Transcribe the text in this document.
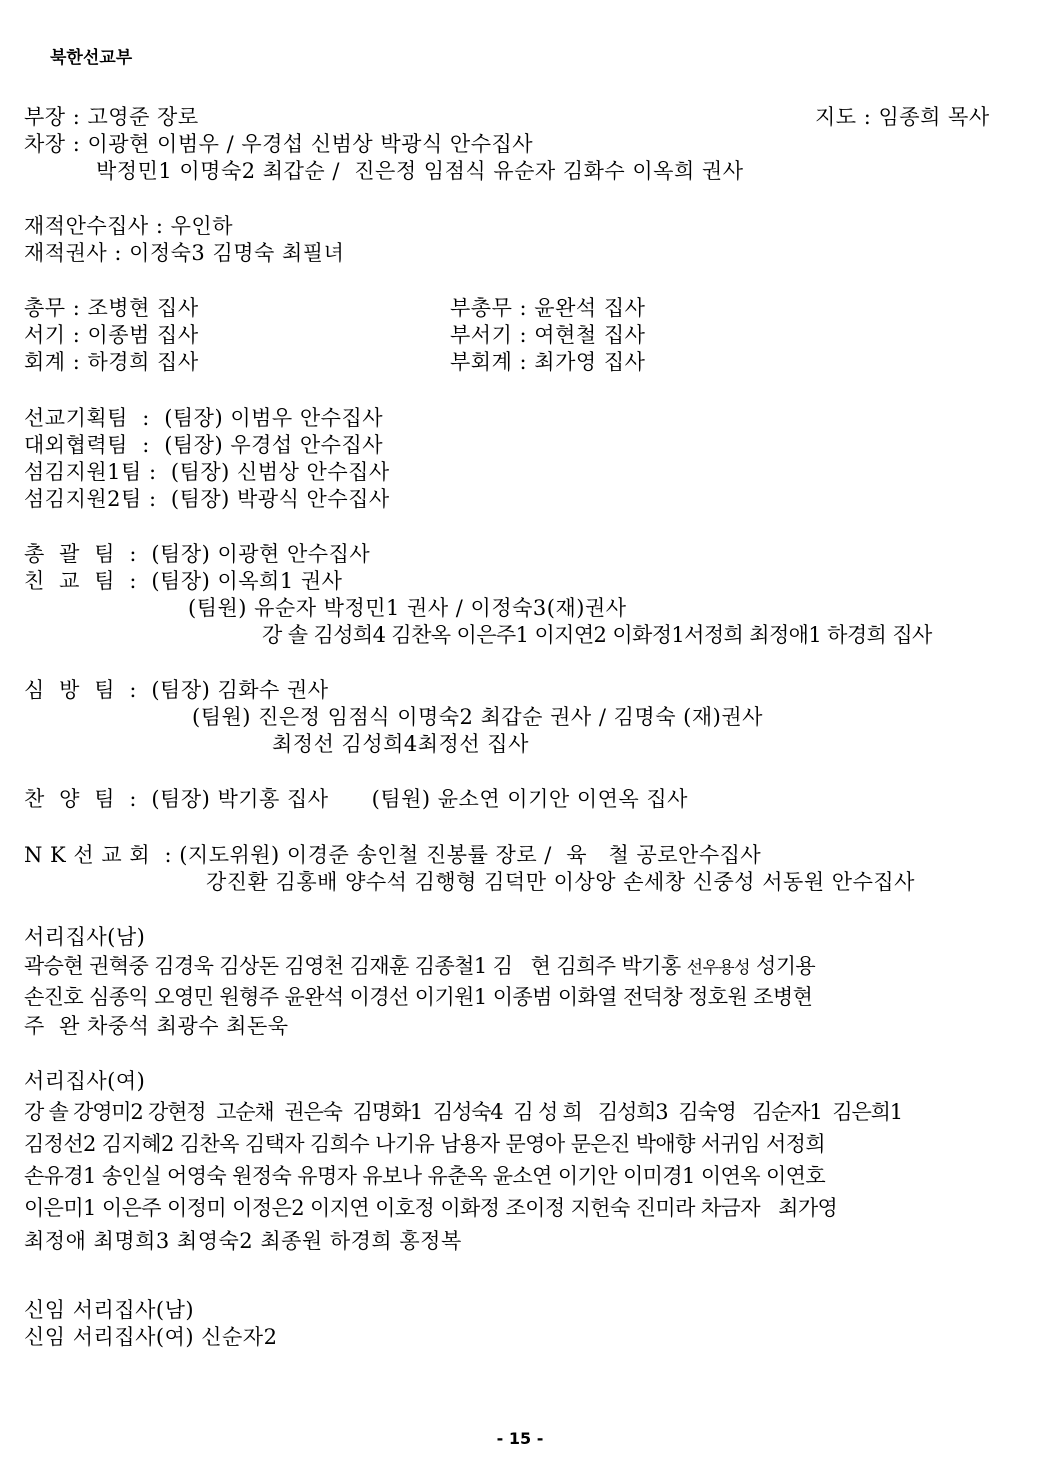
북한선교부
부장 : 고영준 장로	지도 : 임종희 목사
차장 : 이광현 이범우 / 우경섭 신범상 박광식 안수집사
박정민1 이명숙2 최갑순 /  진은정 임점식 유순자 김화수 이옥희 권사
재적안수집사 : 우인하
재적권사 : 이정숙3 김명숙 최필녀
총무 : 조병현 집사	부총무 : 윤완석 집사
서기 : 이종범 집사	부서기 : 여현철 집사
회계 : 하경희 집사	부회계 : 최가영 집사
선교기획팀  :  (팀장) 이범우 안수집사
대외협력팀  :  (팀장) 우경섭 안수집사
섬김지원1팀 :  (팀장) 신범상 안수집사
섬김지원2팀 :  (팀장) 박광식 안수집사
총  괄  팀  :  (팀장) 이광현 안수집사
친  교  팀  :  (팀장) 이옥희1 권사
(팀원) 유순자 박정민1 권사 / 이정숙3(재)권사
강 솔 김성희4 김찬옥 이은주1 이지연2 이화정1서정희 최정애1 하경희 집사
심  방  팀  :  (팀장) 김화수 권사
(팀원) 진은정 임점식 이명숙2 최갑순 권사 / 김명숙 (재)권사
최정선 김성희4최정선 집사
찬  양  팀  :  (팀장) 박기홍 집사      (팀원) 윤소연 이기안 이연옥 집사
N K 선 교 회  : (지도위원) 이경준 송인철 진봉률 장로 /  육   철 공로안수집사
강진환 김홍배 양수석 김행형 김덕만 이상앙 손세창 신중성 서동원 안수집사
서리집사(남)
곽승현 권혁중 김경욱 김상돈 김영천 김재훈 김종철1 김   현 김희주 박기홍 선우용성 성기용
손진호 심종익 오영민 원형주 윤완석 이경선 이기원1 이종범 이화열 전덕창 정호원 조병현
주  완 차중석 최광수 최돈욱
서리집사(여)
강 솔 강영미2 강현정  고순채  권은숙  김명화1  김성숙4  김 성 희   김성희3  김숙영   김순자1  김은희1
김정선2 김지혜2 김찬옥 김택자 김희수 나기유 남용자 문영아 문은진 박애향 서귀임 서정희
손유경1 송인실 어영숙 원정숙 유명자 유보나 유춘옥 윤소연 이기안 이미경1 이연옥 이연호
이은미1 이은주 이정미 이정은2 이지연 이호정 이화정 조이정 지헌숙 진미라 차금자   최가영
최정애 최명희3 최영숙2 최종원 하경희 홍정복
신임 서리집사(남)
신임 서리집사(여) 신순자2
- 15 -
